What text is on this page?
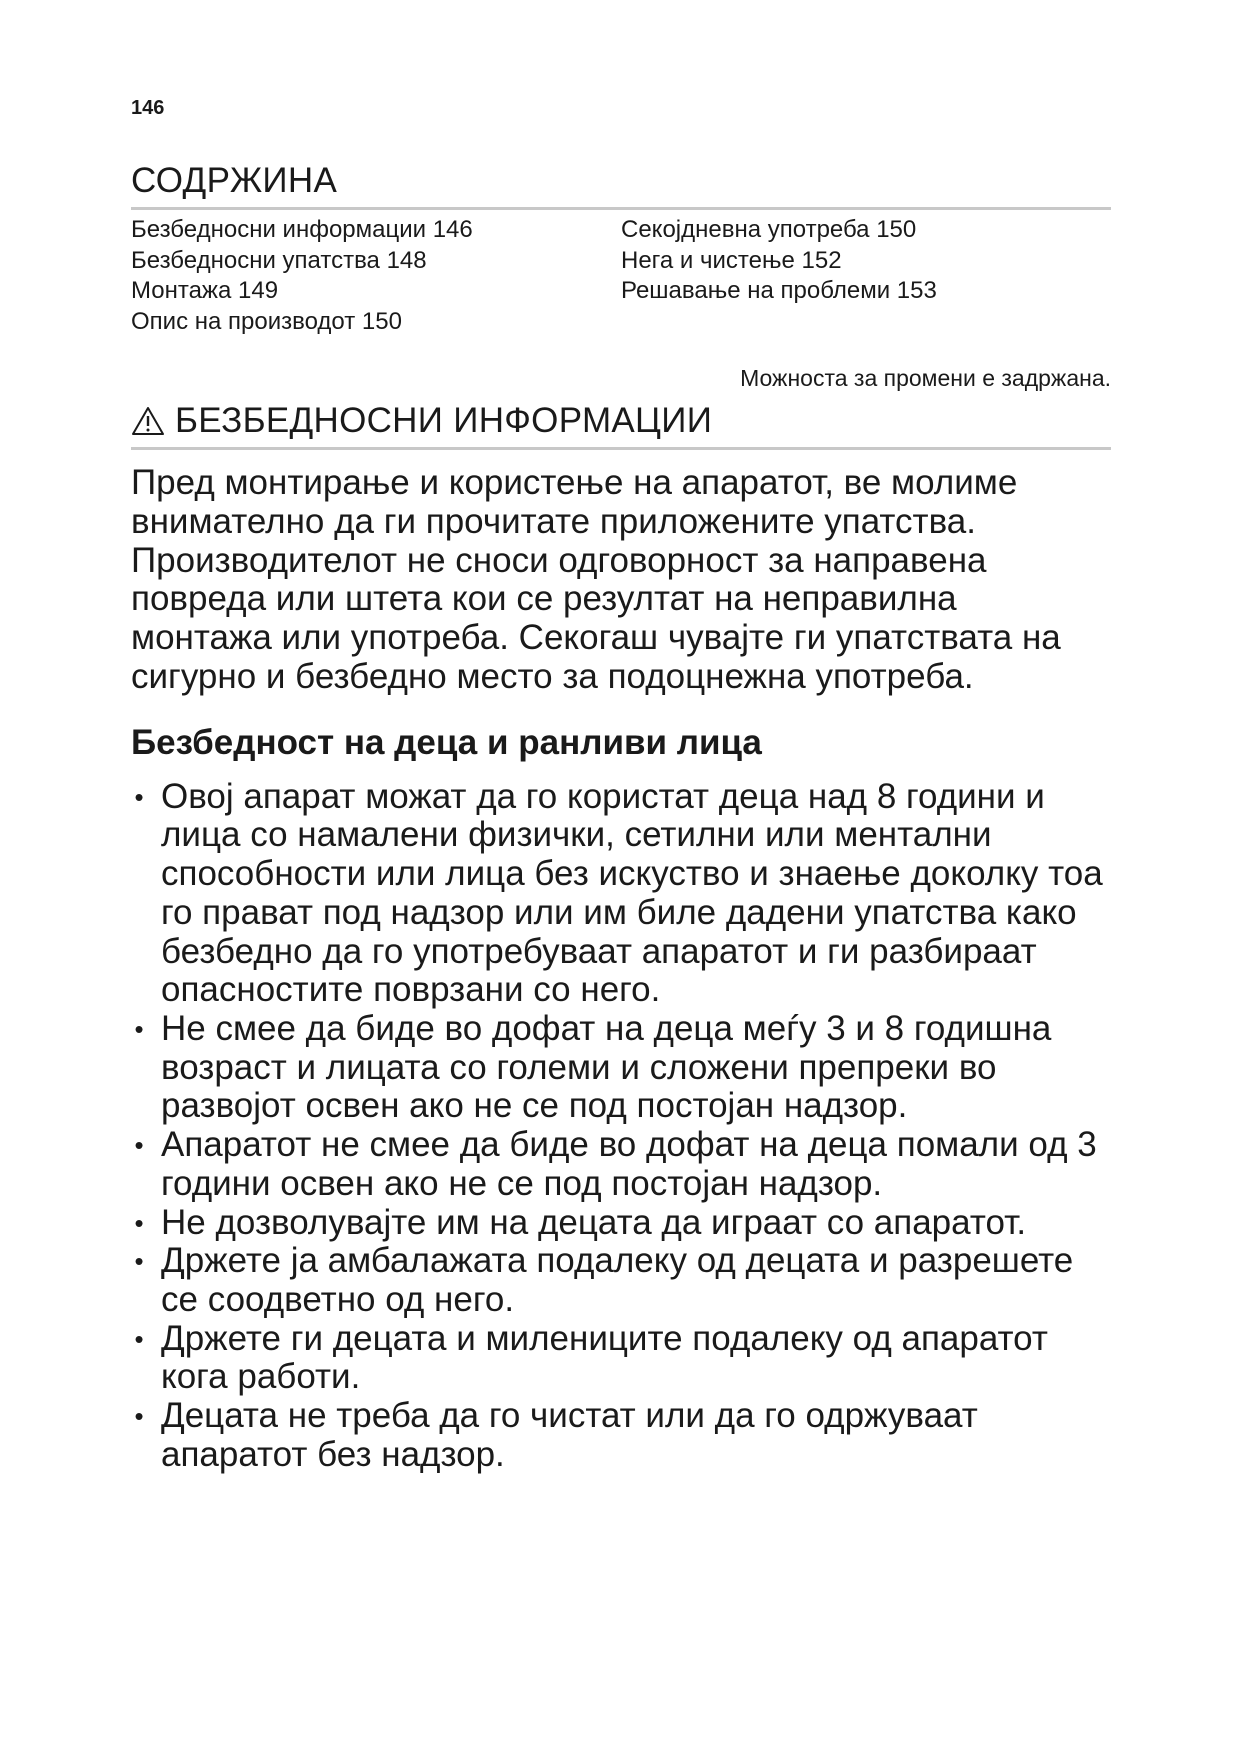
146
СОДРЖИНА
Безбедносни информации 146
Безбедносни упатства 148
Монтажа 149
Опис на производот 150
Секојдневна употреба 150
Нега и чистење 152
Решавање на проблеми 153
Можноста за промени е задржана.
БЕЗБЕДНОСНИ ИНФОРМАЦИИ

Пред монтирање и користење на апаратот, ве молиме внимателно да ги прочитате приложените упатства. Производителот не сноси одговорност за направена повреда или штета кои се резултат на неправилна монтажа или употреба. Секогаш чувајте ги упатствата на сигурно и безбедно место за подоцнежна употреба.

Безбедност на деца и ранливи лица
• Овој апарат можат да го користат деца над 8 години и лица со намалени физички, сетилни или ментални способности или лица без искуство и знаење доколку тоа го прават под надзор или им биле дадени упатства како безбедно да го употребуваат апаратот и ги разбираат опасностите поврзани со него.
• Не смее да биде во дофат на деца меѓу 3 и 8 годишна возраст и лицата со големи и сложени препреки во развојот освен ако не се под постојан надзор.
• Апаратот не смее да биде во дофат на деца помали од 3 години освен ако не се под постојан надзор.
• Не дозволувајте им на децата да играат со апаратот.
• Држете ја амбалажата подалеку од децата и разрешете се соодветно од него.
• Држете ги децата и милениците подалеку од апаратот кога работи.
• Децата не треба да го чистат или да го одржуваат апаратот без надзор.
